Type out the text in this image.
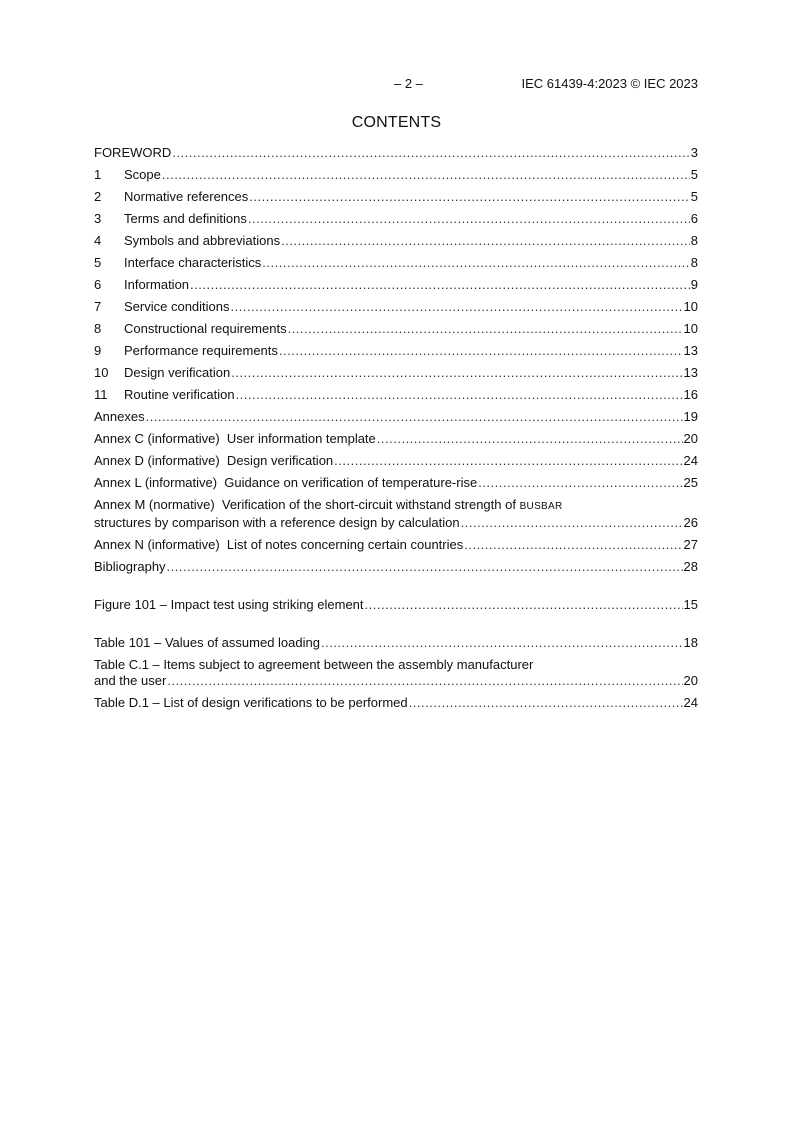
– 2 –	IEC 61439-4:2023 © IEC 2023
CONTENTS
FOREWORD .....	3
1 Scope .....	5
2 Normative references .....	5
3 Terms and definitions .....	6
4 Symbols and abbreviations .....	8
5 Interface characteristics .....	8
6 Information .....	9
7 Service conditions .....	10
8 Constructional requirements .....	10
9 Performance requirements .....	13
10 Design verification .....	13
11 Routine verification .....	16
Annexes .....	19
Annex C (informative)  User information template .....	20
Annex D (informative)  Design verification .....	24
Annex L (informative)  Guidance on verification of temperature-rise .....	25
Annex M (normative)  Verification of the short-circuit withstand strength of BUSBAR
structures by comparison with a reference design by calculation .....	26
Annex N (informative)  List of notes concerning certain countries .....	27
Bibliography .....	28
Figure 101 – Impact test using striking element .....	15
Table 101 – Values of assumed loading .....	18
Table C.1 – Items subject to agreement between the assembly manufacturer
and the user .....	20
Table D.1 – List of design verifications to be performed .....	24
